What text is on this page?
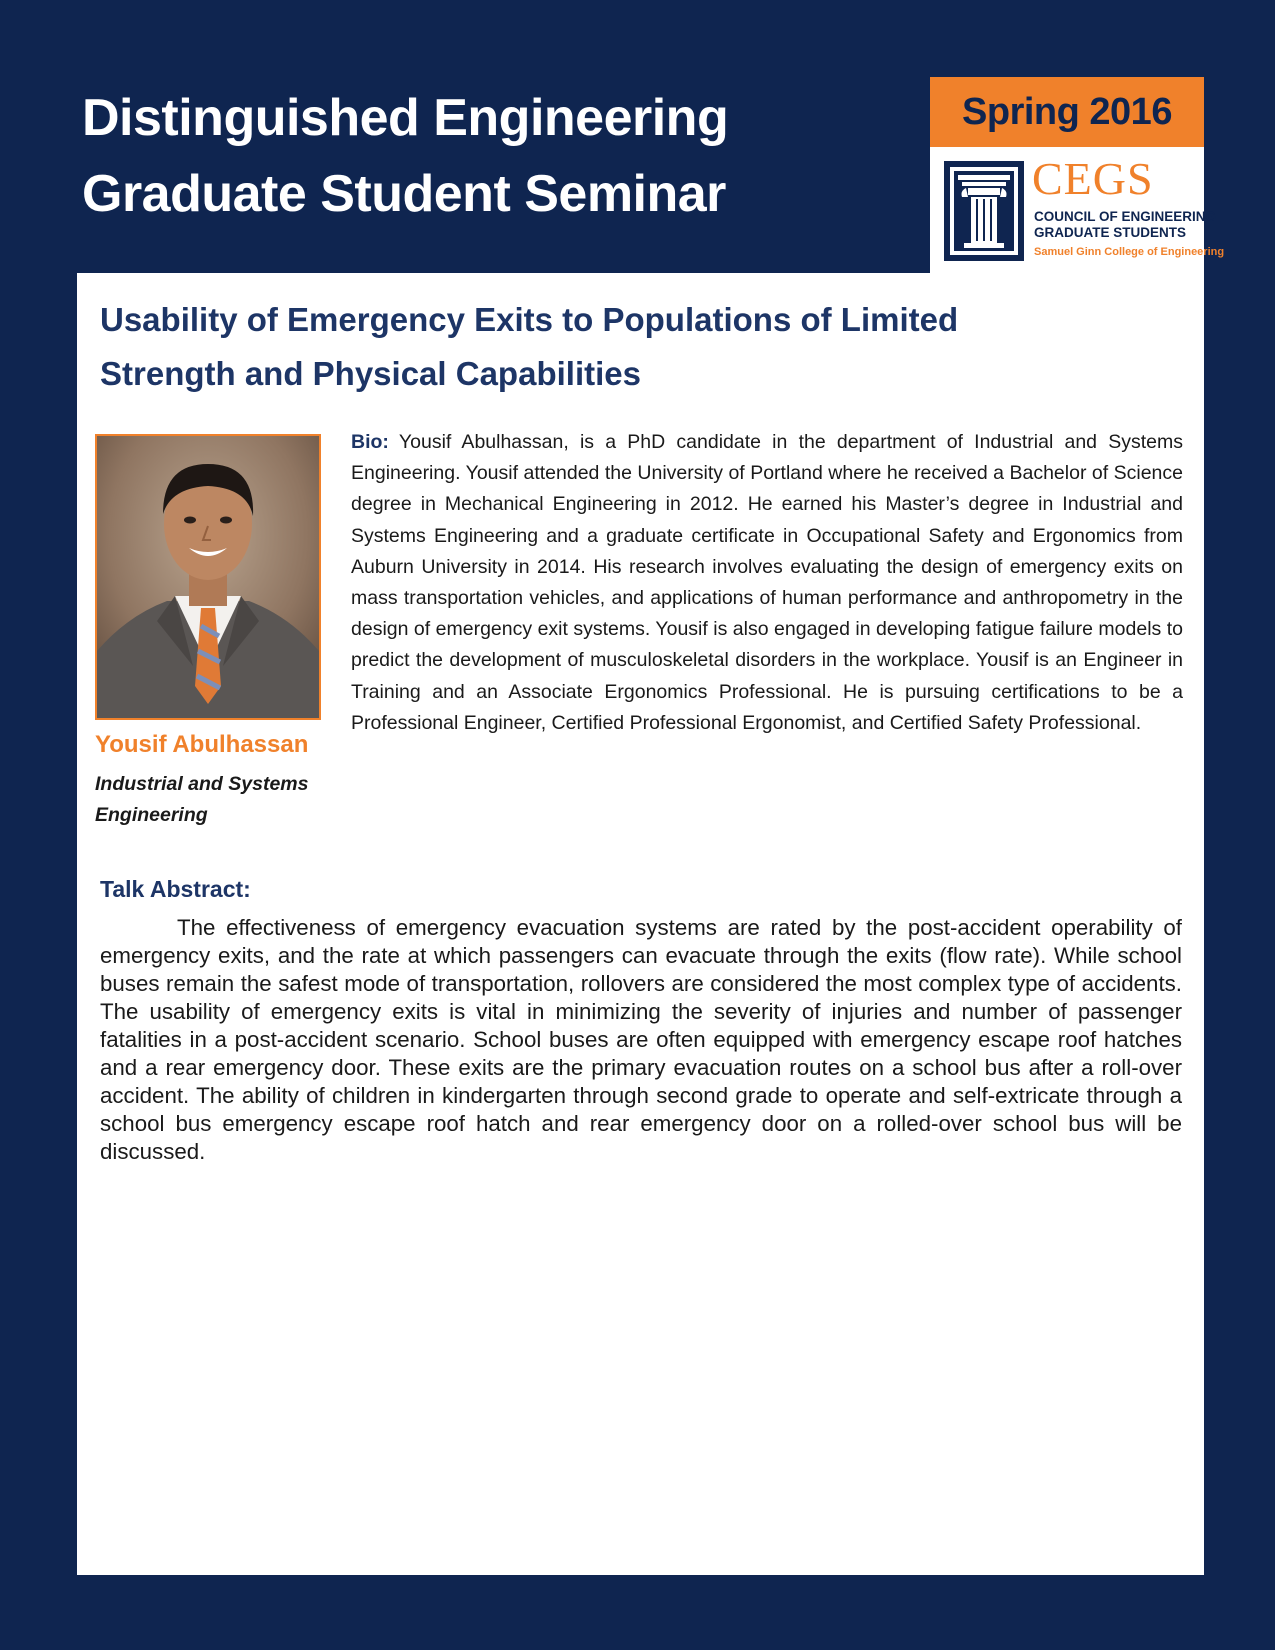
Distinguished Engineering
Graduate Student Seminar
Spring 2016
CEGS
COUNCIL OF ENGINEERING
GRADUATE STUDENTS
Samuel Ginn College of Engineering
Usability of Emergency Exits to Populations of Limited
Strength and Physical Capabilities
Yousif Abulhassan
Industrial and Systems Engineering
Bio: Yousif Abulhassan, is a PhD candidate in the department of Industrial and Systems Engineering. Yousif attended the University of Portland where he received a Bachelor of Science degree in Mechanical Engineering in 2012. He earned his Master’s degree in Industrial and Systems Engineering and a graduate certificate in Occupational Safety and Ergonomics from Auburn University in 2014. His research involves evaluating the design of emergency exits on mass transportation vehicles, and applications of human performance and anthropometry in the design of emergency exit systems. Yousif is also engaged in developing fatigue failure models to predict the development of musculoskeletal disorders in the workplace. Yousif is an Engineer in Training and an Associate Ergonomics Professional. He is pursuing certifications to be a Professional Engineer, Certified Professional Ergonomist, and Certified Safety Professional.
Talk Abstract:
The effectiveness of emergency evacuation systems are rated by the post-accident operability of emergency exits, and the rate at which passengers can evacuate through the exits (flow rate). While school buses remain the safest mode of transportation, rollovers are considered the most complex type of accidents. The usability of emergency exits is vital in minimizing the severity of injuries and number of passenger fatalities in a post-accident scenario. School buses are often equipped with emergency escape roof hatches and a rear emergency door. These exits are the primary evacuation routes on a school bus after a roll-over accident. The ability of children in kindergarten through second grade to operate and self-extricate through a school bus emergency escape roof hatch and rear emergency door on a rolled-over school bus will be discussed.
